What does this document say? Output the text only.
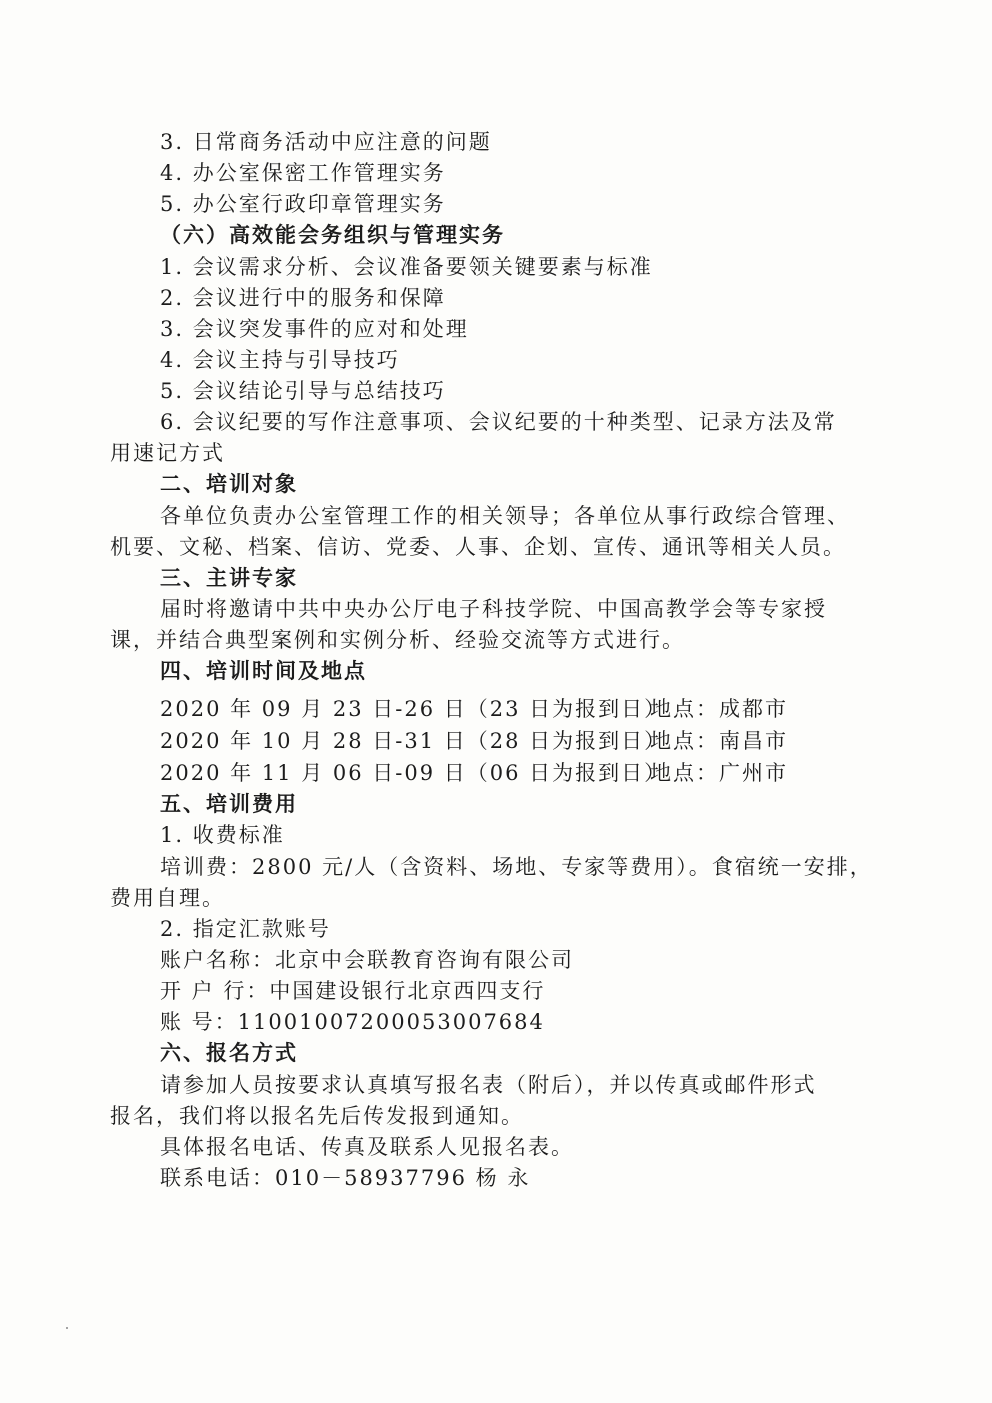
3. 日常商务活动中应注意的问题
4. 办公室保密工作管理实务
5. 办公室行政印章管理实务
（六）高效能会务组织与管理实务
1. 会议需求分析、会议准备要领关键要素与标准
2. 会议进行中的服务和保障
3. 会议突发事件的应对和处理
4. 会议主持与引导技巧
5. 会议结论引导与总结技巧
6. 会议纪要的写作注意事项、会议纪要的十种类型、记录方法及常
用速记方式
二、培训对象
各单位负责办公室管理工作的相关领导；各单位从事行政综合管理、
机要、文秘、档案、信访、党委、人事、企划、宣传、通讯等相关人员。
三、主讲专家
届时将邀请中共中央办公厅电子科技学院、中国高教学会等专家授
课，并结合典型案例和实例分析、经验交流等方式进行。
四、培训时间及地点
2020 年 09 月 23 日-26 日（23 日为报到日）地点：成都市
2020 年 10 月 28 日-31 日（28 日为报到日）地点：南昌市
2020 年 11 月 06 日-09 日（06 日为报到日）地点：广州市
五、培训费用
1. 收费标准
培训费：2800 元/人（含资料、场地、专家等费用）。食宿统一安排，
费用自理。
2. 指定汇款账号
账户名称：北京中会联教育咨询有限公司
开 户 行：中国建设银行北京西四支行
账 号：11001007200053007684
六、报名方式
请参加人员按要求认真填写报名表（附后），并以传真或邮件形式
报名，我们将以报名先后传发报到通知。
具体报名电话、传真及联系人见报名表。
联系电话：010－58937796 杨 永
